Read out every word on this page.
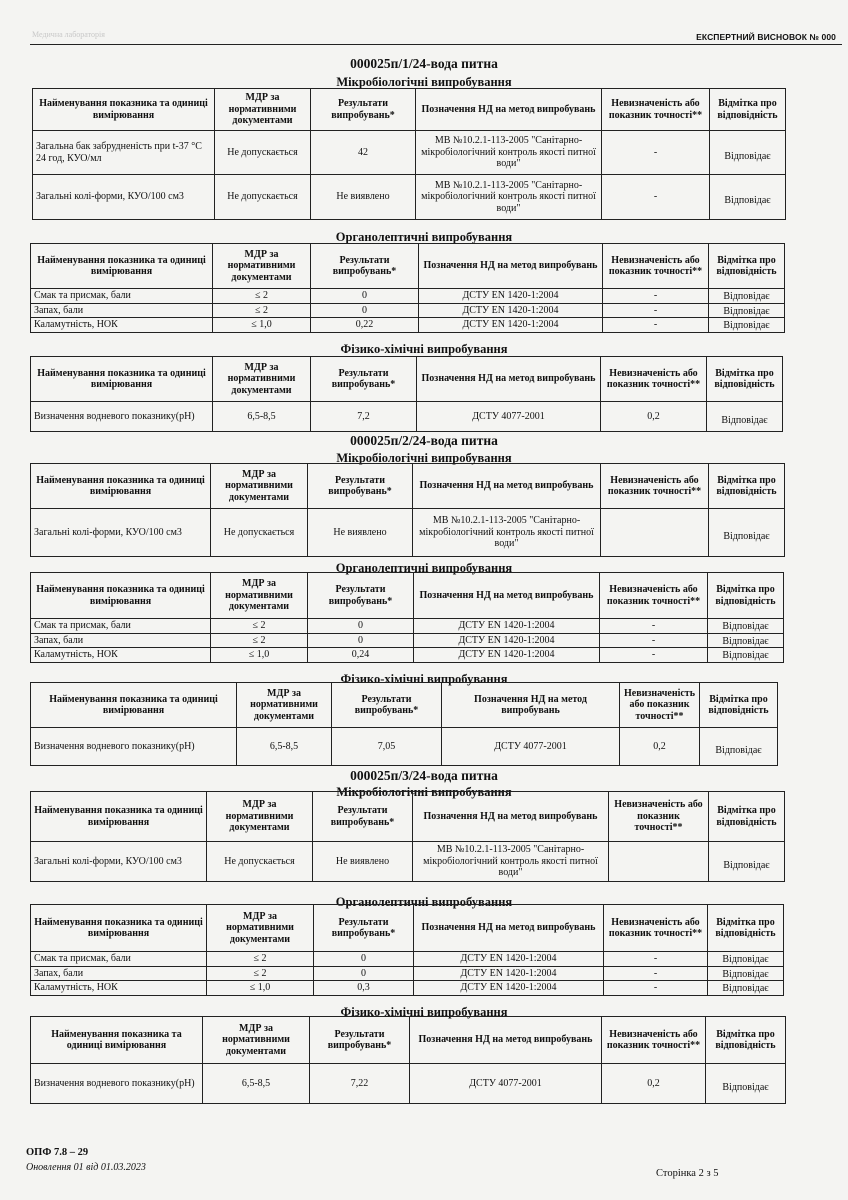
Медична лабораторія	ЕКСПЕРТНИЙ ВИСНОВОК № 000
000025п/1/24-вода питна
Мікробіологічні випробування
Найменування показника та одиниці вимірювання	МДР за нормативними документами	Результати випробувань*	Позначення НД на метод випробувань	Невизначеність або показник точності**	Відмітка про відповідність
Загальна бак забрудненість при t-37 °С 24 год, КУО/мл	Не допускається	42	МВ №10.2.1-113-2005 "Санітарно-мікробіологічний контроль якості питної води"	-	Відповідає
Загальні колі-форми, КУО/100 см3	Не допускається	Не виявлено	МВ №10.2.1-113-2005 "Санітарно-мікробіологічний контроль якості питної води"	-	Відповідає
Органолептичні випробування
Найменування показника та одиниці вимірювання	МДР за нормативними документами	Результати випробувань*	Позначення НД на метод випробувань	Невизначеність або показник точності**	Відмітка про відповідність
Смак та присмак, бали	≤ 2	0	ДСТУ EN 1420-1:2004	-	Відповідає
Запах, бали	≤ 2	0	ДСТУ EN 1420-1:2004	-	Відповідає
Каламутність, НОК	≤ 1,0	0,22	ДСТУ EN 1420-1:2004	-	Відповідає
Фізико-хімічні випробування
Найменування показника та одиниці вимірювання	МДР за нормативними документами	Результати випробувань*	Позначення НД на метод випробувань	Невизначеність або показник точності**	Відмітка про відповідність
Визначення водневого показнику(pH)	6,5-8,5	7,2	ДСТУ 4077-2001	0,2	Відповідає
000025п/2/24-вода питна
Мікробіологічні випробування
Найменування показника та одиниці вимірювання	МДР за нормативними документами	Результати випробувань*	Позначення НД на метод випробувань	Невизначеність або показник точності**	Відмітка про відповідність
Загальні колі-форми, КУО/100 см3	Не допускається	Не виявлено	МВ №10.2.1-113-2005 "Санітарно-мікробіологічний контроль якості питної води"		Відповідає
Органолептичні випробування
Найменування показника та одиниці вимірювання	МДР за нормативними документами	Результати випробувань*	Позначення НД на метод випробувань	Невизначеність або показник точності**	Відмітка про відповідність
Смак та присмак, бали	≤ 2	0	ДСТУ EN 1420-1:2004	-	Відповідає
Запах, бали	≤ 2	0	ДСТУ EN 1420-1:2004	-	Відповідає
Каламутність, НОК	≤ 1,0	0,24	ДСТУ EN 1420-1:2004	-	Відповідає
Фізико-хімічні випробування
Найменування показника та одиниці вимірювання	МДР за нормативними документами	Результати випробувань*	Позначення НД на метод випробувань	Невизначеність або показник точності**	Відмітка про відповідність
Визначення водневого показнику(pH)	6,5-8,5	7,05	ДСТУ 4077-2001	0,2	Відповідає
000025п/3/24-вода питна
Мікробіологічні випробування
Найменування показника та одиниці вимірювання	МДР за нормативними документами	Результати випробувань*	Позначення НД на метод випробувань	Невизначеність або показник точності**	Відмітка про відповідність
Загальні колі-форми, КУО/100 см3	Не допускається	Не виявлено	МВ №10.2.1-113-2005 "Санітарно-мікробіологічний контроль якості питної води"		Відповідає
Органолептичні випробування
Найменування показника та одиниці вимірювання	МДР за нормативними документами	Результати випробувань*	Позначення НД на метод випробувань	Невизначеність або показник точності**	Відмітка про відповідність
Смак та присмак, бали	≤ 2	0	ДСТУ EN 1420-1:2004	-	Відповідає
Запах, бали	≤ 2	0	ДСТУ EN 1420-1:2004	-	Відповідає
Каламутність, НОК	≤ 1,0	0,3	ДСТУ EN 1420-1:2004	-	Відповідає
Фізико-хімічні випробування
Найменування показника та одиниці вимірювання	МДР за нормативними документами	Результати випробувань*	Позначення НД на метод випробувань	Невизначеність або показник точності**	Відмітка про відповідність
Визначення водневого показнику(pH)	6,5-8,5	7,22	ДСТУ 4077-2001	0,2	Відповідає
ОПФ 7.8 – 29
Оновлення 01 від 01.03.2023
Сторінка 2 з 5
